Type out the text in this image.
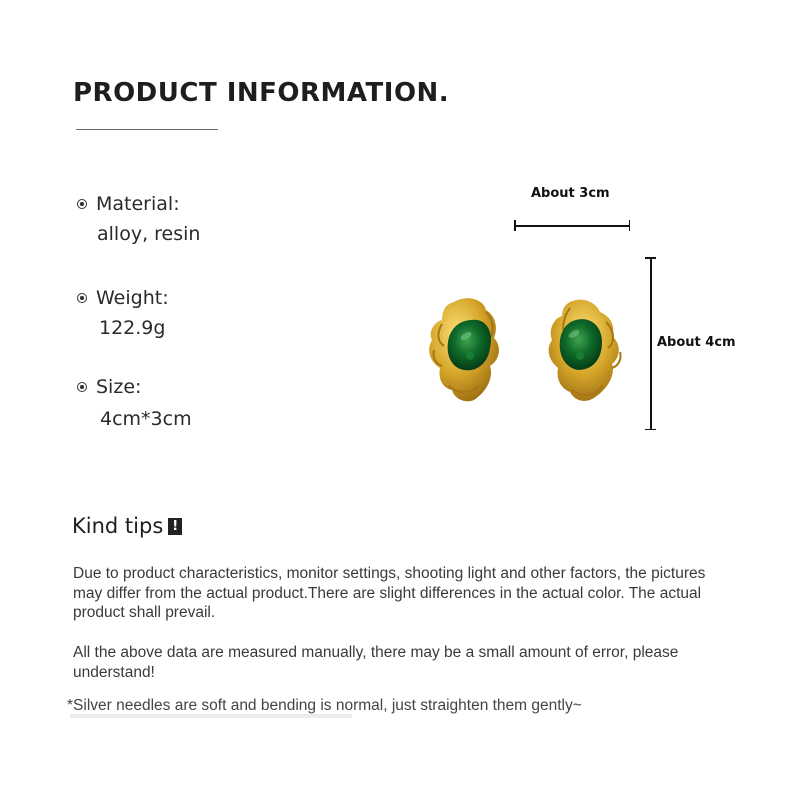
PRODUCT INFORMATION.
Material:
alloy, resin
Weight:
122.9g
Size:
4cm*3cm
About 3cm
About 4cm
Kind tips !
Due to product characteristics, monitor settings, shooting light and other factors, the pictures may differ from the actual product.There are slight differences in the actual color. The actual product shall prevail.
All the above data are measured manually, there may be a small amount of error, please understand!
*Silver needles are soft and bending is normal, just straighten them gently~
